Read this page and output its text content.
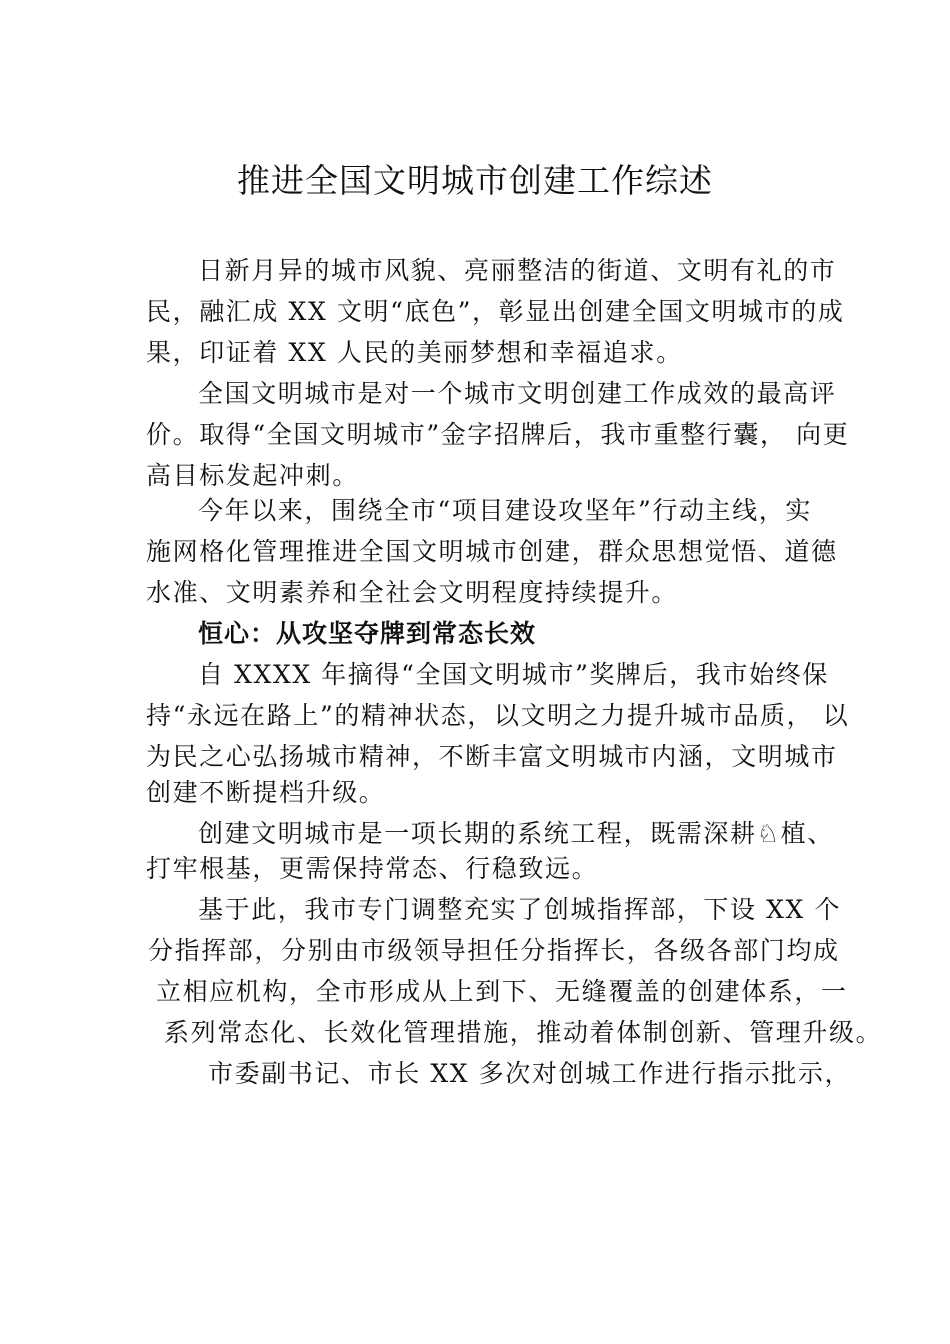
推进全国文明城市创建工作综述
日新月异的城市风貌、亮丽整洁的街道、文明有礼的市
民，融汇成 XX 文明“底色”，彰显出创建全国文明城市的成
果，印证着 XX 人民的美丽梦想和幸福追求。
全国文明城市是对一个城市文明创建工作成效的最高评
价。取得“全国文明城市”金字招牌后，我市重整行囊， 向更
高目标发起冲刺。
今年以来，围绕全市“项目建设攻坚年”行动主线，实
施网格化管理推进全国文明城市创建，群众思想觉悟、道德
水准、文明素养和全社会文明程度持续提升。
恒心：从攻坚夺牌到常态长效
自 XXXX 年摘得“全国文明城市”奖牌后，我市始终保
持“永远在路上”的精神状态，以文明之力提升城市品质， 以
为民之心弘扬城市精神，不断丰富文明城市内涵，文明城市
创建不断提档升级。
创建文明城市是一项长期的系统工程，既需深耕♘植、
打牢根基，更需保持常态、行稳致远。
基于此，我市专门调整充实了创城指挥部，下设 XX 个
分指挥部，分别由市级领导担任分指挥长，各级各部门均成
立相应机构，全市形成从上到下、无缝覆盖的创建体系，一
系列常态化、长效化管理措施，推动着体制创新、管理升级。
市委副书记、市长 XX 多次对创城工作进行指示批示，
